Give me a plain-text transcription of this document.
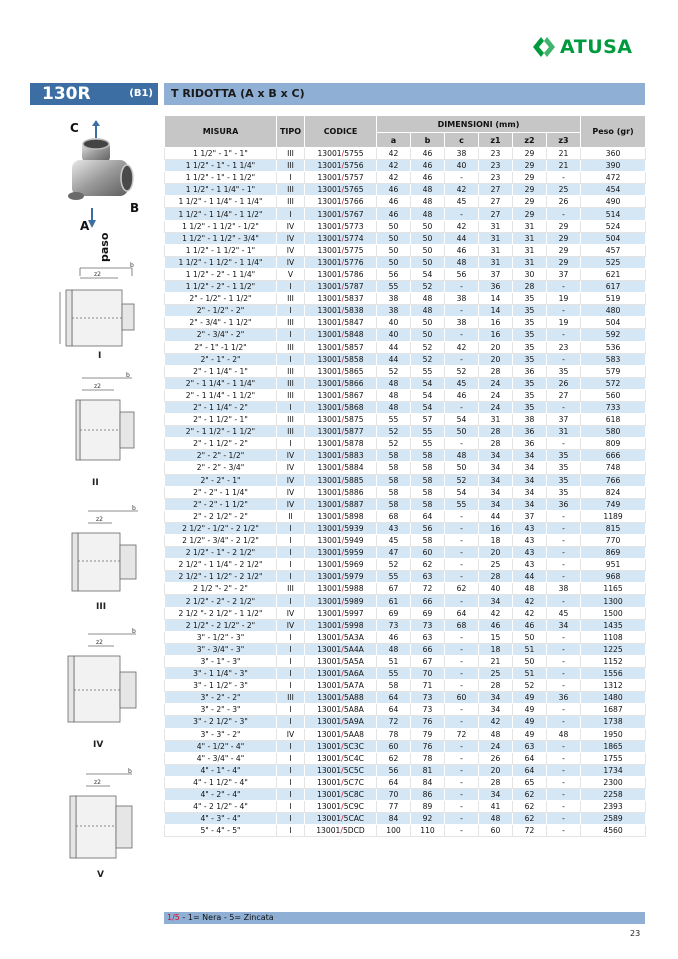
ATUSA
130R	(B1) T RIDOTTA (A x B x C)
C
B
A
paso
b
z2
I
b
z2
II
b
z2
III
b
z2
IV
b
z2
V
MISURA	TIPO	CODICE	DIMENSIONI (mm)						Peso (gr)
			a	b	c	z1	z2	z3	
1 1/2" - 1" - 1"	III	13001/5755	42	46	38	23	29	21	360
1 1/2" - 1" - 1 1/4"	III	13001/5756	42	46	40	23	29	21	390
1 1/2" - 1" - 1 1/2"	I	13001/5757	42	46	-	23	29	-	472
1 1/2" - 1 1/4" - 1"	III	13001/5765	46	48	42	27	29	25	454
1 1/2" - 1 1/4" - 1 1/4"	III	13001/5766	46	48	45	27	29	26	490
1 1/2" - 1 1/4" - 1 1/2"	I	13001/5767	46	48	-	27	29	-	514
1 1/2" - 1 1/2" - 1/2"	IV	13001/5773	50	50	42	31	31	29	524
1 1/2" - 1 1/2" - 3/4"	IV	13001/5774	50	50	44	31	31	29	504
1 1/2" - 1 1/2" - 1"	IV	13001/5775	50	50	46	31	31	29	457
1 1/2" - 1 1/2" - 1 1/4"	IV	13001/5776	50	50	48	31	31	29	525
1 1/2" - 2" - 1 1/4"	V	13001/5786	56	54	56	37	30	37	621
1 1/2" - 2" - 1 1/2"	I	13001/5787	55	52	-	36	28	-	617
2" - 1/2" - 1 1/2"	III	13001/5837	38	48	38	14	35	19	519
2" - 1/2" - 2"	I	13001/5838	38	48	-	14	35	-	480
2" - 3/4" - 1 1/2"	III	13001/5847	40	50	38	16	35	19	504
2" - 3/4" - 2"	I	13001/5848	40	50	-	16	35	-	592
2" - 1" -1 1/2"	III	13001/5857	44	52	42	20	35	23	536
2" - 1" - 2"	I	13001/5858	44	52	-	20	35	-	583
2" - 1 1/4" - 1"	III	13001/5865	52	55	52	28	36	35	579
2" - 1 1/4" - 1 1/4"	III	13001/5866	48	54	45	24	35	26	572
2" - 1 1/4" - 1 1/2"	III	13001/5867	48	54	46	24	35	27	560
2" - 1 1/4" - 2"	I	13001/5868	48	54	-	24	35	-	733
2" - 1 1/2" - 1"	III	13001/5875	55	57	54	31	38	37	618
2" - 1 1/2" - 1 1/2"	III	13001/5877	52	55	50	28	36	31	580
2" - 1 1/2" - 2"	I	13001/5878	52	55	-	28	36	-	809
2" - 2" - 1/2"	IV	13001/5883	58	58	48	34	34	35	666
2" - 2" - 3/4"	IV	13001/5884	58	58	50	34	34	35	748
2" - 2" - 1"	IV	13001/5885	58	58	52	34	34	35	766
2" - 2" - 1 1/4"	IV	13001/5886	58	58	54	34	34	35	824
2" - 2" - 1 1/2"	IV	13001/5887	58	58	55	34	34	36	749
2" - 2 1/2" - 2"	II	13001/5898	68	64	-	44	37	-	1189
2 1/2" - 1/2" - 2 1/2"	I	13001/5939	43	56	-	16	43	-	815
2 1/2" - 3/4" - 2 1/2"	I	13001/5949	45	58	-	18	43	-	770
2 1/2" - 1" - 2 1/2"	I	13001/5959	47	60	-	20	43	-	869
2 1/2" - 1 1/4" - 2 1/2"	I	13001/5969	52	62	-	25	43	-	951
2 1/2" - 1 1/2" - 2 1/2"	I	13001/5979	55	63	-	28	44	-	968
2 1/2 "- 2" - 2"	III	13001/5988	67	72	62	40	48	38	1165
2 1/2" - 2" - 2 1/2"	I	13001/5989	61	66	-	34	42	-	1300
2 1/2 "- 2 1/2" - 1 1/2"	IV	13001/5997	69	69	64	42	42	45	1500
2 1/2" - 2 1/2" - 2"	IV	13001/5998	73	73	68	46	46	34	1435
3" - 1/2" - 3"	I	13001/5A3A	46	63	-	15	50	-	1108
3" - 3/4" - 3"	I	13001/5A4A	48	66	-	18	51	-	1225
3" - 1" - 3"	I	13001/5A5A	51	67	-	21	50	-	1152
3" - 1 1/4" - 3"	I	13001/5A6A	55	70	-	25	51	-	1556
3" - 1 1/2" - 3"	I	13001/5A7A	58	71	-	28	52	-	1312
3" - 2" - 2"	III	13001/5A88	64	73	60	34	49	36	1480
3" - 2" - 3"	I	13001/5A8A	64	73	-	34	49	-	1687
3" - 2 1/2" - 3"	I	13001/5A9A	72	76	-	42	49	-	1738
3" - 3" - 2"	IV	13001/5AA8	78	79	72	48	49	48	1950
4" - 1/2" - 4"	I	13001/5C3C	60	76	-	24	63	-	1865
4" - 3/4" - 4"	I	13001/5C4C	62	78	-	26	64	-	1755
4" - 1" - 4"	I	13001/5C5C	56	81	-	20	64	-	1734
4" - 1 1/2" - 4"	I	13001/5C7C	64	84	-	28	65	-	2300
4" - 2" - 4"	I	13001/5C8C	70	86	-	34	62	-	2258
4" - 2 1/2" - 4"	I	13001/5C9C	77	89	-	41	62	-	2393
4" - 3" - 4"	I	13001/5CAC	84	92	-	48	62	-	2589
5" - 4" - 5"	I	13001/5DCD	100	110	-	60	72	-	4560
1/5 - 1= Nera - 5= Zincata
23
